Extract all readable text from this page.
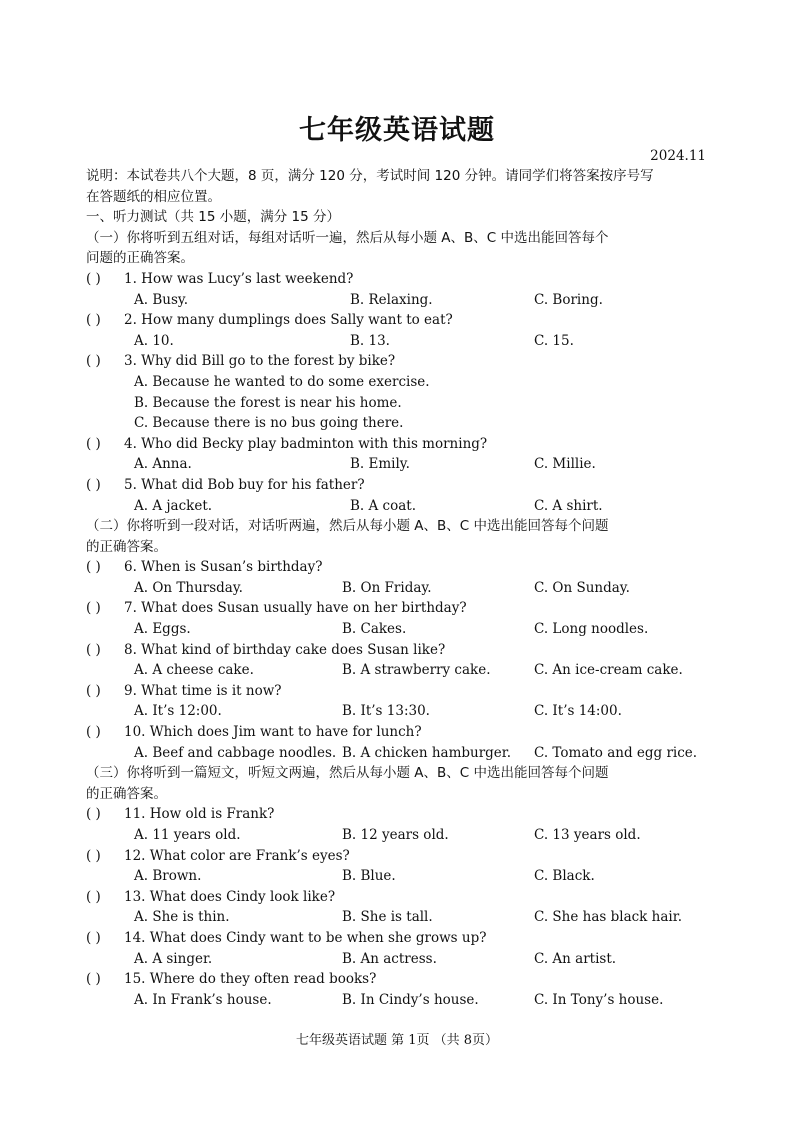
七年级英语试题
2024.11
说明：本试卷共八个大题，8 页，满分 120 分，考试时间 120 分钟。请同学们将答案按序号写
在答题纸的相应位置。
一、听力测试（共 15 小题，满分 15 分）
（一）你将听到五组对话，每组对话听一遍，然后从每小题 A、B、C 中选出能回答每个
问题的正确答案。
( ) 1. How was Lucy’s last weekend?
A. Busy.	B. Relaxing.	C. Boring.
( ) 2. How many dumplings does Sally want to eat?
A. 10.	B. 13.	C. 15.
( ) 3. Why did Bill go to the forest by bike?
A. Because he wanted to do some exercise.
B. Because the forest is near his home.
C. Because there is no bus going there.
( ) 4. Who did Becky play badminton with this morning?
A. Anna.	B. Emily.	C. Millie.
( ) 5. What did Bob buy for his father?
A. A jacket.	B. A coat.	C. A shirt.
（二）你将听到一段对话，对话听两遍，然后从每小题 A、B、C 中选出能回答每个问题
的正确答案。
( ) 6. When is Susan’s birthday?
A. On Thursday.	B. On Friday.	C. On Sunday.
( ) 7. What does Susan usually have on her birthday?
A. Eggs.	B. Cakes.	C. Long noodles.
( ) 8. What kind of birthday cake does Susan like?
A. A cheese cake.	B. A strawberry cake.	C. An ice-cream cake.
( ) 9. What time is it now?
A. It’s 12:00.	B. It’s 13:30.	C. It’s 14:00.
( ) 10. Which does Jim want to have for lunch?
A. Beef and cabbage noodles. B. A chicken hamburger. C. Tomato and egg rice.
（三）你将听到一篇短文，听短文两遍，然后从每小题 A、B、C 中选出能回答每个问题
的正确答案。
( ) 11. How old is Frank?
A. 11 years old.	B. 12 years old.	C. 13 years old.
( ) 12. What color are Frank’s eyes?
A. Brown.	B. Blue.	C. Black.
( ) 13. What does Cindy look like?
A. She is thin.	B. She is tall.	C. She has black hair.
( ) 14. What does Cindy want to be when she grows up?
A. A singer.	B. An actress.	C. An artist.
( ) 15. Where do they often read books?
A. In Frank’s house.	B. In Cindy’s house.	C. In Tony’s house.
七年级英语试题 第 1页 （共 8页）
